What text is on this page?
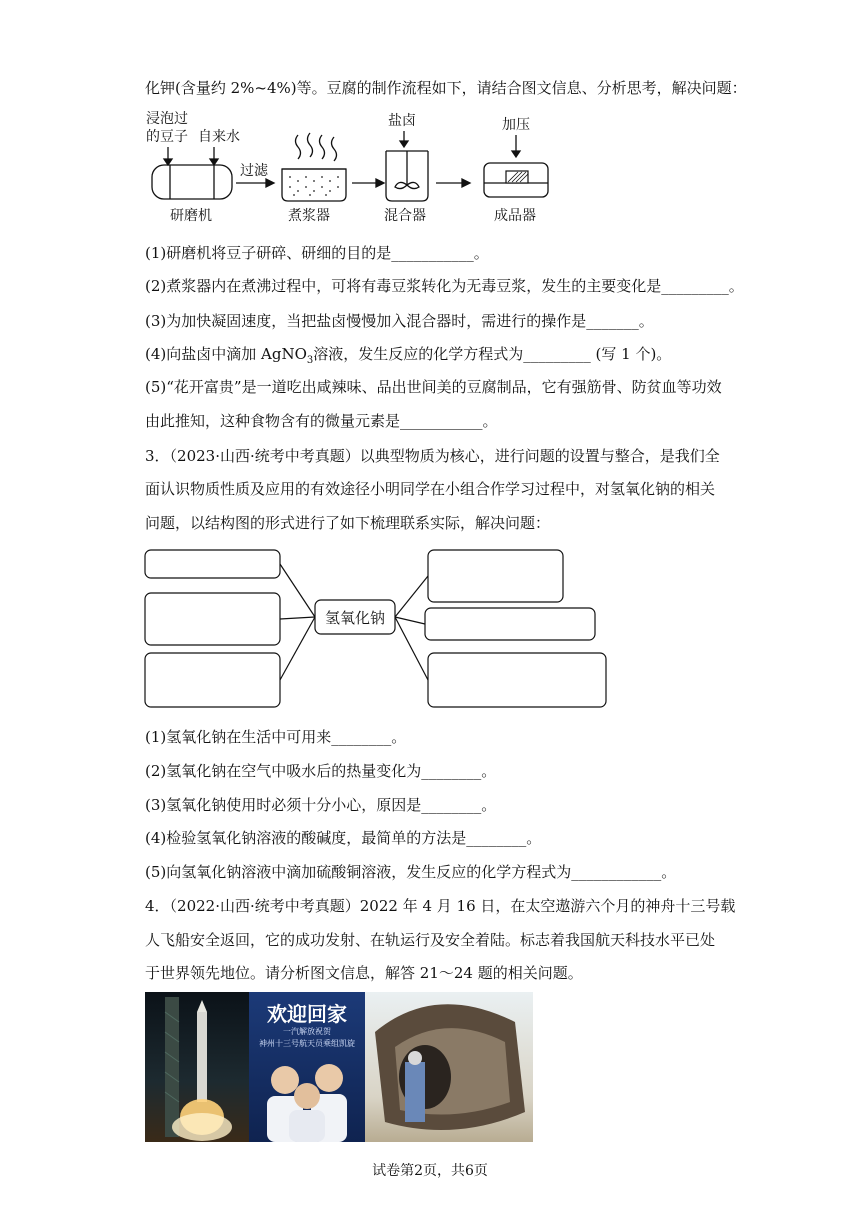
化钾(含量约 2%~4%)等。豆腐的制作流程如下，请结合图文信息、分析思考，解决问题：
浸泡过
的豆子 自来水
过滤
盐卤	加压
研磨机	煮浆器	混合器	成品器
(1)研磨机将豆子研碎、研细的目的是___________。
(2)煮浆器内在煮沸过程中，可将有毒豆浆转化为无毒豆浆，发生的主要变化是_________。
(3)为加快凝固速度，当把盐卤慢慢加入混合器时，需进行的操作是_______。
(4)向盐卤中滴加 AgNO$_3$溶液，发生反应的化学方程式为_________ (写 1 个)。
(5)“花开富贵”是一道吃出咸辣味、品出世间美的豆腐制品，它有强筋骨、防贫血等功效
由此推知，这种食物含有的微量元素是___________。
3．（2023·山西·统考中考真题）以典型物质为核心，进行问题的设置与整合，是我们全
面认识物质性质及应用的有效途径小明同学在小组合作学习过程中，对氢氧化钠的相关
问题，以结构图的形式进行了如下梳理联系实际，解决问题：
氢氧化钠
(1)氢氧化钠在生活中可用来________。
(2)氢氧化钠在空气中吸水后的热量变化为________。
(3)氢氧化钠使用时必须十分小心，原因是________。
(4)检验氢氧化钠溶液的酸碱度，最简单的方法是________。
(5)向氢氧化钠溶液中滴加硫酸铜溶液，发生反应的化学方程式为____________。
4．（2022·山西·统考中考真题）2022 年 4 月 16 日，在太空遨游六个月的神舟十三号载
人飞船安全返回，它的成功发射、在轨运行及安全着陆。标志着我国航天科技水平已处
于世界领先地位。请分析图文信息，解答 21～24 题的相关问题。
欢迎回家
一汽解放祝贺
神州十三号航天员乘组凯旋
试卷第2页，共6页
